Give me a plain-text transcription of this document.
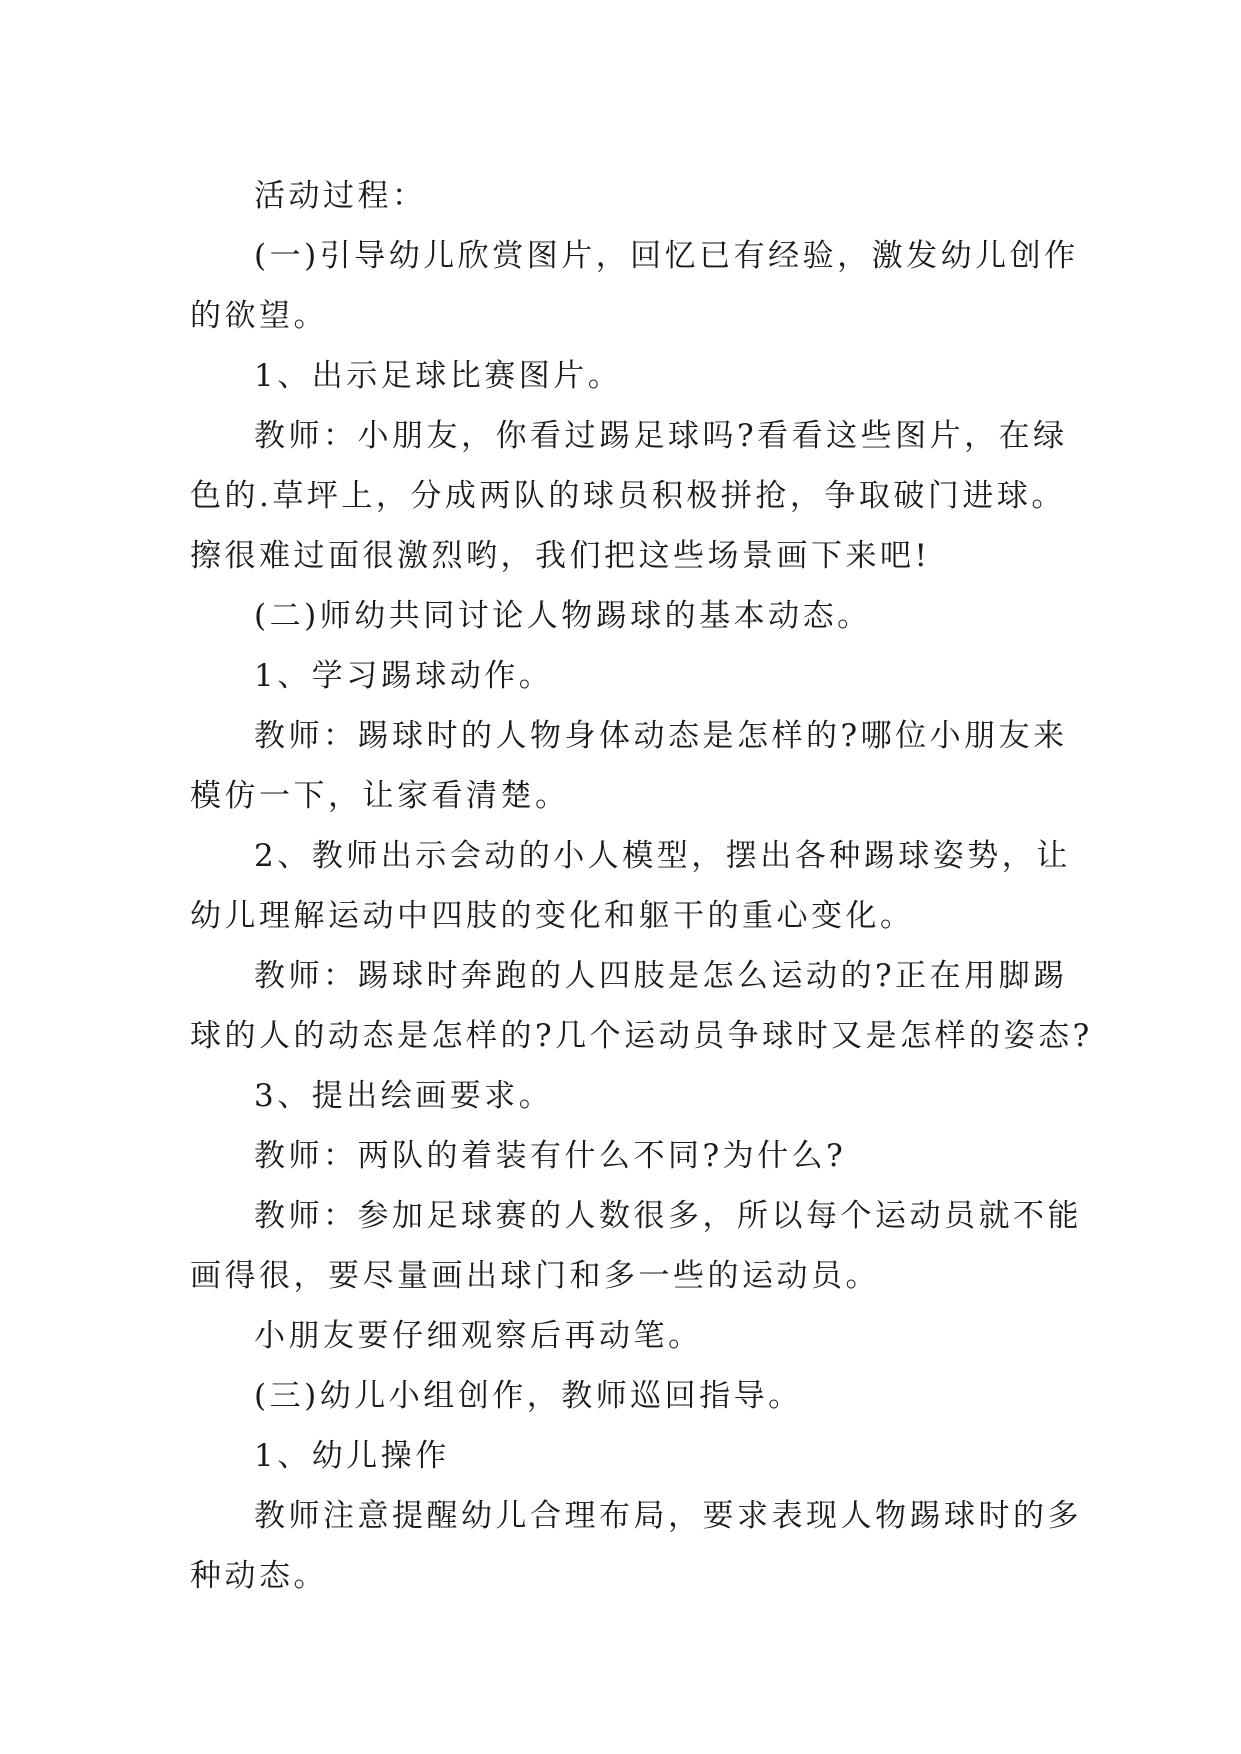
活动过程：

(一)引导幼儿欣赏图片，回忆已有经验，激发幼儿创作

的欲望。

1、出示足球比赛图片。

教师：小朋友，你看过踢足球吗?看看这些图片，在绿

色的.草坪上，分成两队的球员积极拼抢，争取破门进球。

擦很难过面很激烈哟，我们把这些场景画下来吧!

(二)师幼共同讨论人物踢球的基本动态。

1、学习踢球动作。

教师：踢球时的人物身体动态是怎样的?哪位小朋友来

模仿一下，让家看清楚。

2、教师出示会动的小人模型，摆出各种踢球姿势，让

幼儿理解运动中四肢的变化和躯干的重心变化。

教师：踢球时奔跑的人四肢是怎么运动的?正在用脚踢

球的人的动态是怎样的?几个运动员争球时又是怎样的姿态?

3、提出绘画要求。

教师：两队的着装有什么不同?为什么?

教师：参加足球赛的人数很多，所以每个运动员就不能

画得很，要尽量画出球门和多一些的运动员。

小朋友要仔细观察后再动笔。

(三)幼儿小组创作，教师巡回指导。

1、幼儿操作

教师注意提醒幼儿合理布局，要求表现人物踢球时的多

种动态。
